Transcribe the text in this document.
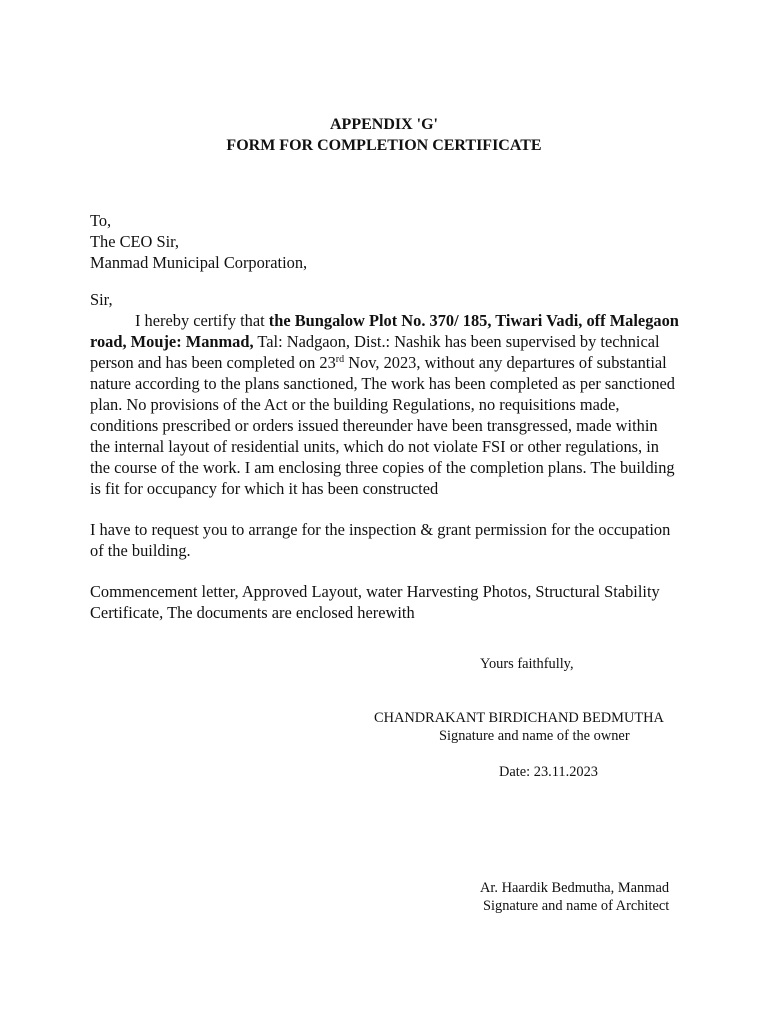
APPENDIX 'G'
FORM FOR COMPLETION CERTIFICATE
To,
The CEO Sir,
Manmad Municipal Corporation,
Sir,
I hereby certify that the Bungalow Plot No. 370/ 185, Tiwari Vadi, off Malegaon road, Mouje: Manmad, Tal: Nadgaon, Dist.: Nashik has been supervised by technical person and has been completed on 23rd Nov, 2023, without any departures of substantial nature according to the plans sanctioned, The work has been completed as per sanctioned plan. No provisions of the Act or the building Regulations, no requisitions made, conditions prescribed or orders issued thereunder have been transgressed, made within the internal layout of residential units, which do not violate FSI or other regulations, in the course of the work. I am enclosing three copies of the completion plans. The building is fit for occupancy for which it has been constructed
I have to request you to arrange for the inspection & grant permission for the occupation of the building.
Commencement letter, Approved Layout, water Harvesting Photos, Structural Stability Certificate, The documents are enclosed herewith
Yours faithfully,
CHANDRAKANT BIRDICHAND BEDMUTHA
Signature and name of the owner
Date: 23.11.2023
Ar. Haardik Bedmutha, Manmad
Signature and name of Architect
